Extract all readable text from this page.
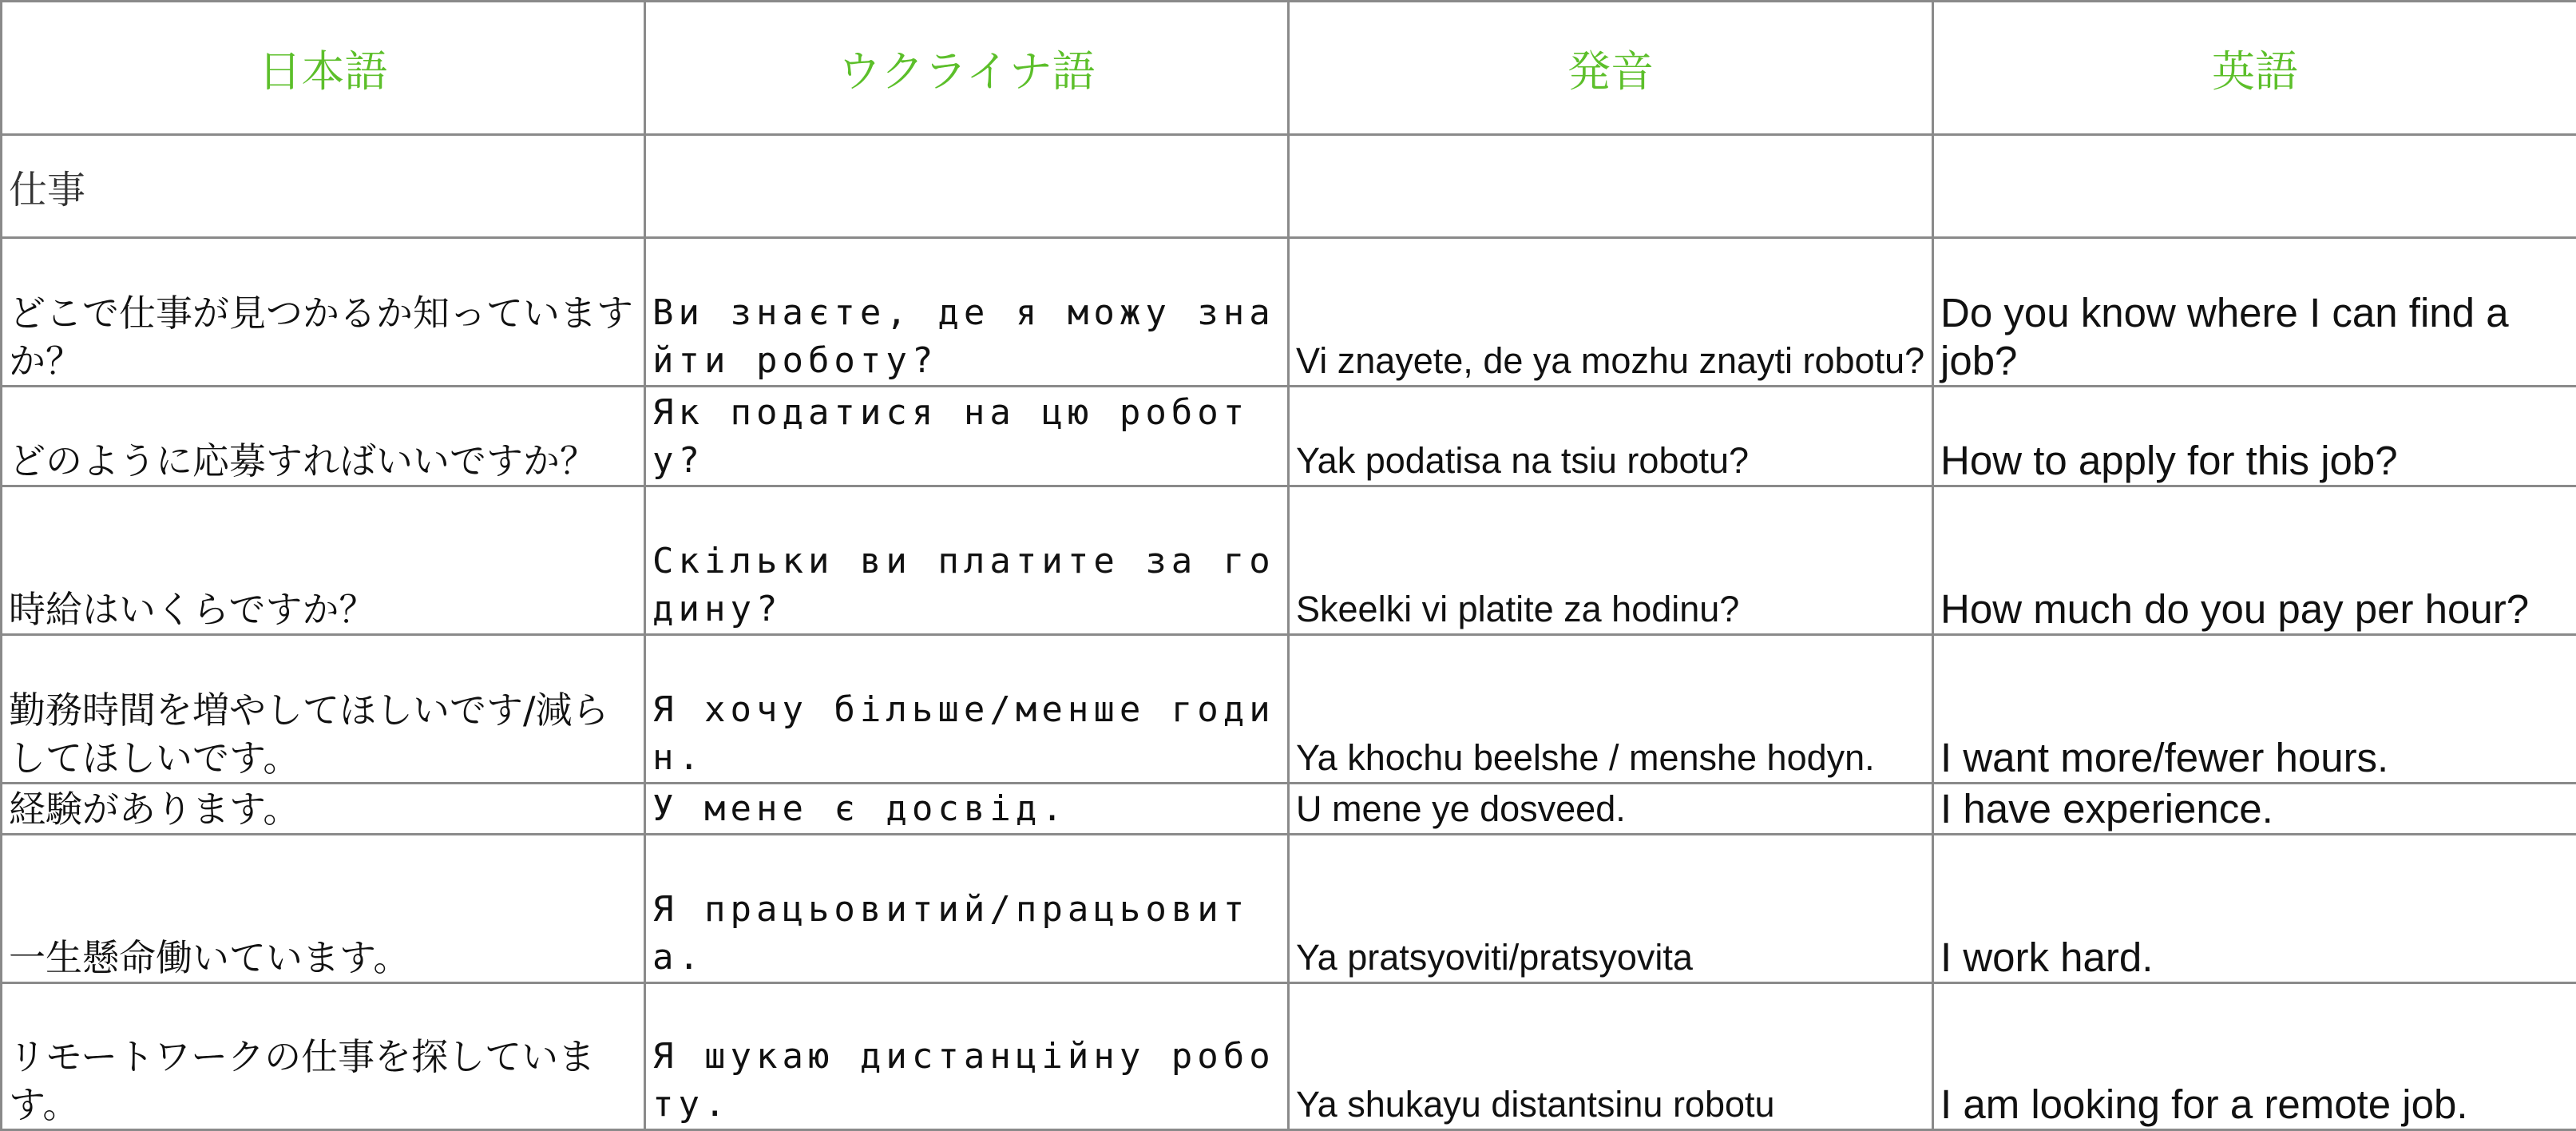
日本語	ウクライナ語	発音	英語
仕事			
どこで仕事が見つかるか知っていますか？	Ви знаєте, де я можу знайти роботу?	Vi znayete, de ya mozhu znayti robotu?	Do you know where I can find a job?
どのように応募すればいいですか？	Як податися на цю роботу?	Yak podatisa na tsiu robotu?	How to apply for this job?
時給はいくらですか？	Скільки ви платите за годину?	Skeelki vi platite za hodinu?	How much do you pay per hour?
勤務時間を増やしてほしいです/減らしてほしいです。	Я хочу більше/менше годин.	Ya khochu beelshe / menshe hodyn.	I want more/fewer hours.
経験があります。	У мене є досвід.	U mene ye dosveed.	I have experience.
一生懸命働いています。	Я працьовитий/працьовита.	Ya pratsyoviti/pratsyovita	I work hard.
リモートワークの仕事を探しています。	Я шукаю дистанційну роботу.	Ya shukayu distantsinu robotu	I am looking for a remote job.
